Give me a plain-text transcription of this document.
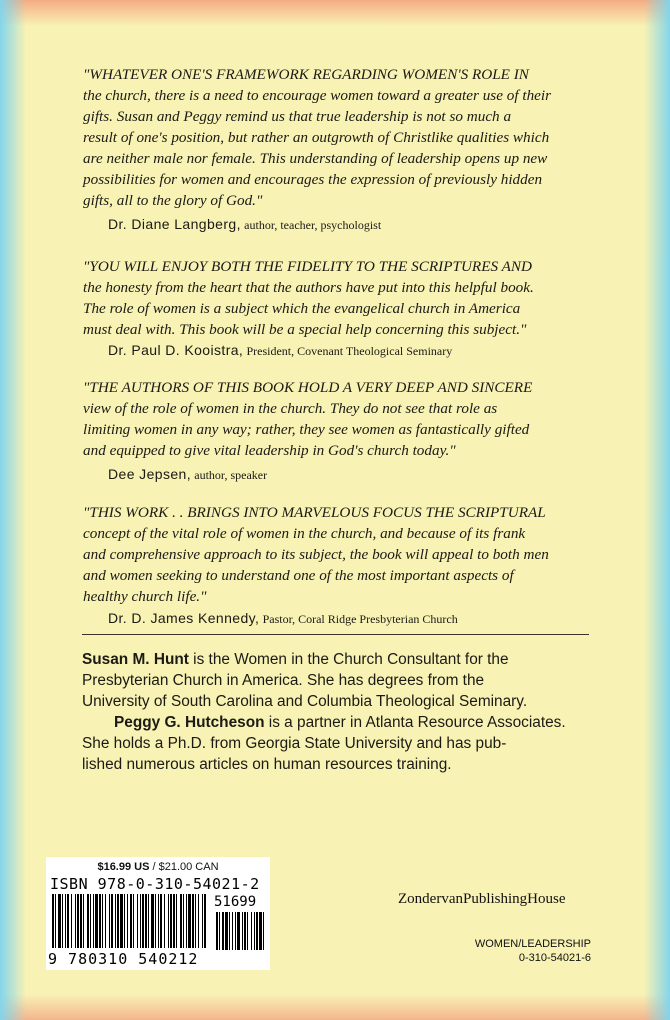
"WHATEVER ONE'S FRAMEWORK REGARDING WOMEN'S ROLE IN
the church, there is a need to encourage women toward a greater use of their
gifts. Susan and Peggy remind us that true leadership is not so much a
result of one's position, but rather an outgrowth of Christlike qualities which
are neither male nor female. This understanding of leadership opens up new
possibilities for women and encourages the expression of previously hidden
gifts, all to the glory of God."
Dr. Diane Langberg, author, teacher, psychologist
"YOU WILL ENJOY BOTH THE FIDELITY TO THE SCRIPTURES AND
the honesty from the heart that the authors have put into this helpful book.
The role of women is a subject which the evangelical church in America
must deal with. This book will be a special help concerning this subject."
Dr. Paul D. Kooistra, President, Covenant Theological Seminary
"THE AUTHORS OF THIS BOOK HOLD A VERY DEEP AND SINCERE
view of the role of women in the church. They do not see that role as
limiting women in any way; rather, they see women as fantastically gifted
and equipped to give vital leadership in God's church today."
Dee Jepsen, author, speaker
"THIS WORK . . BRINGS INTO MARVELOUS FOCUS THE SCRIPTURAL
concept of the vital role of women in the church, and because of its frank
and comprehensive approach to its subject, the book will appeal to both men
and women seeking to understand one of the most important aspects of
healthy church life."
Dr. D. James Kennedy, Pastor, Coral Ridge Presbyterian Church
Susan M. Hunt is the Women in the Church Consultant for the
Presbyterian Church in America. She has degrees from the
University of South Carolina and Columbia Theological Seminary.
Peggy G. Hutcheson is a partner in Atlanta Resource Associates.
She holds a Ph.D. from Georgia State University and has pub-
lished numerous articles on human resources training.
$16.99 US / $21.00 CAN
ISBN 978-0-310-54021-2
9 780310 540212
51699	ZondervanPublishingHouse
WOMEN/LEADERSHIP
0-310-54021-6
